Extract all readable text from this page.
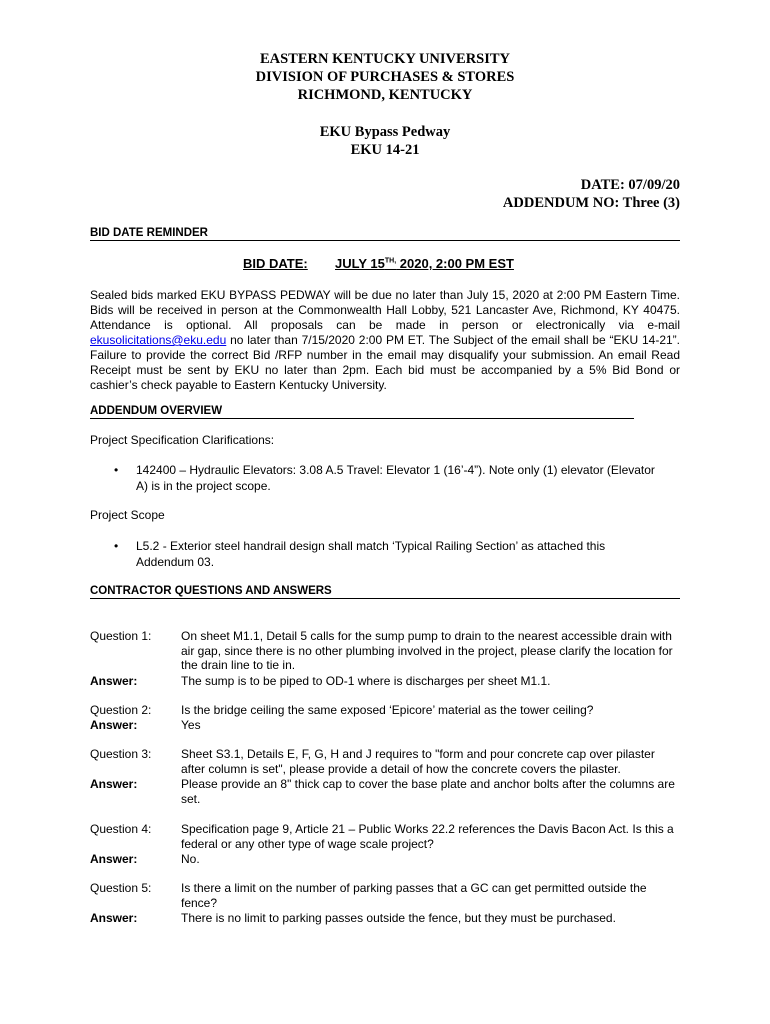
EASTERN KENTUCKY UNIVERSITY
DIVISION OF PURCHASES & STORES
RICHMOND, KENTUCKY
EKU Bypass Pedway
EKU 14-21
DATE: 07/09/20
ADDENDUM NO: Three (3)
BID DATE REMINDER
BID DATE: JULY $15^{TH,}$ 2020, 2:00 PM EST
Sealed bids marked EKU BYPASS PEDWAY will be due no later than July 15, 2020 at 2:00 PM Eastern Time. Bids will be received in person at the Commonwealth Hall Lobby, 521 Lancaster Ave, Richmond, KY 40475. Attendance is optional. All proposals can be made in person or electronically via e-mail ekusolicitations@eku.edu no later than 7/15/2020 2:00 PM ET. The Subject of the email shall be “EKU 14-21”. Failure to provide the correct Bid /RFP number in the email may disqualify your submission. An email Read Receipt must be sent by EKU no later than 2pm. Each bid must be accompanied by a 5% Bid Bond or cashier’s check payable to Eastern Kentucky University.
ADDENDUM OVERVIEW
Project Specification Clarifications:
• 142400 – Hydraulic Elevators: 3.08 A.5 Travel: Elevator 1 (16’-4”). Note only (1) elevator (Elevator A) is in the project scope.
Project Scope
• L5.2 - Exterior steel handrail design shall match ‘Typical Railing Section’ as attached this Addendum 03.
CONTRACTOR QUESTIONS AND ANSWERS
Question 1: On sheet M1.1, Detail 5 calls for the sump pump to drain to the nearest accessible drain with air gap, since there is no other plumbing involved in the project, please clarify the location for the drain line to tie in.
Answer:	The sump is to be piped to OD-1 where is discharges per sheet M1.1.
Question 2: Is the bridge ceiling the same exposed ‘Epicore’ material as the tower ceiling?
Answer:	Yes
Question 3: Sheet S3.1, Details E, F, G, H and J requires to "form and pour concrete cap over pilaster after column is set", please provide a detail of how the concrete covers the pilaster.
Answer:	Please provide an 8" thick cap to cover the base plate and anchor bolts after the columns are set.
Question 4: Specification page 9, Article 21 – Public Works 22.2 references the Davis Bacon Act. Is this a federal or any other type of wage scale project?
Answer:	No.
Question 5: Is there a limit on the number of parking passes that a GC can get permitted outside the fence?
Answer:	There is no limit to parking passes outside the fence, but they must be purchased.
